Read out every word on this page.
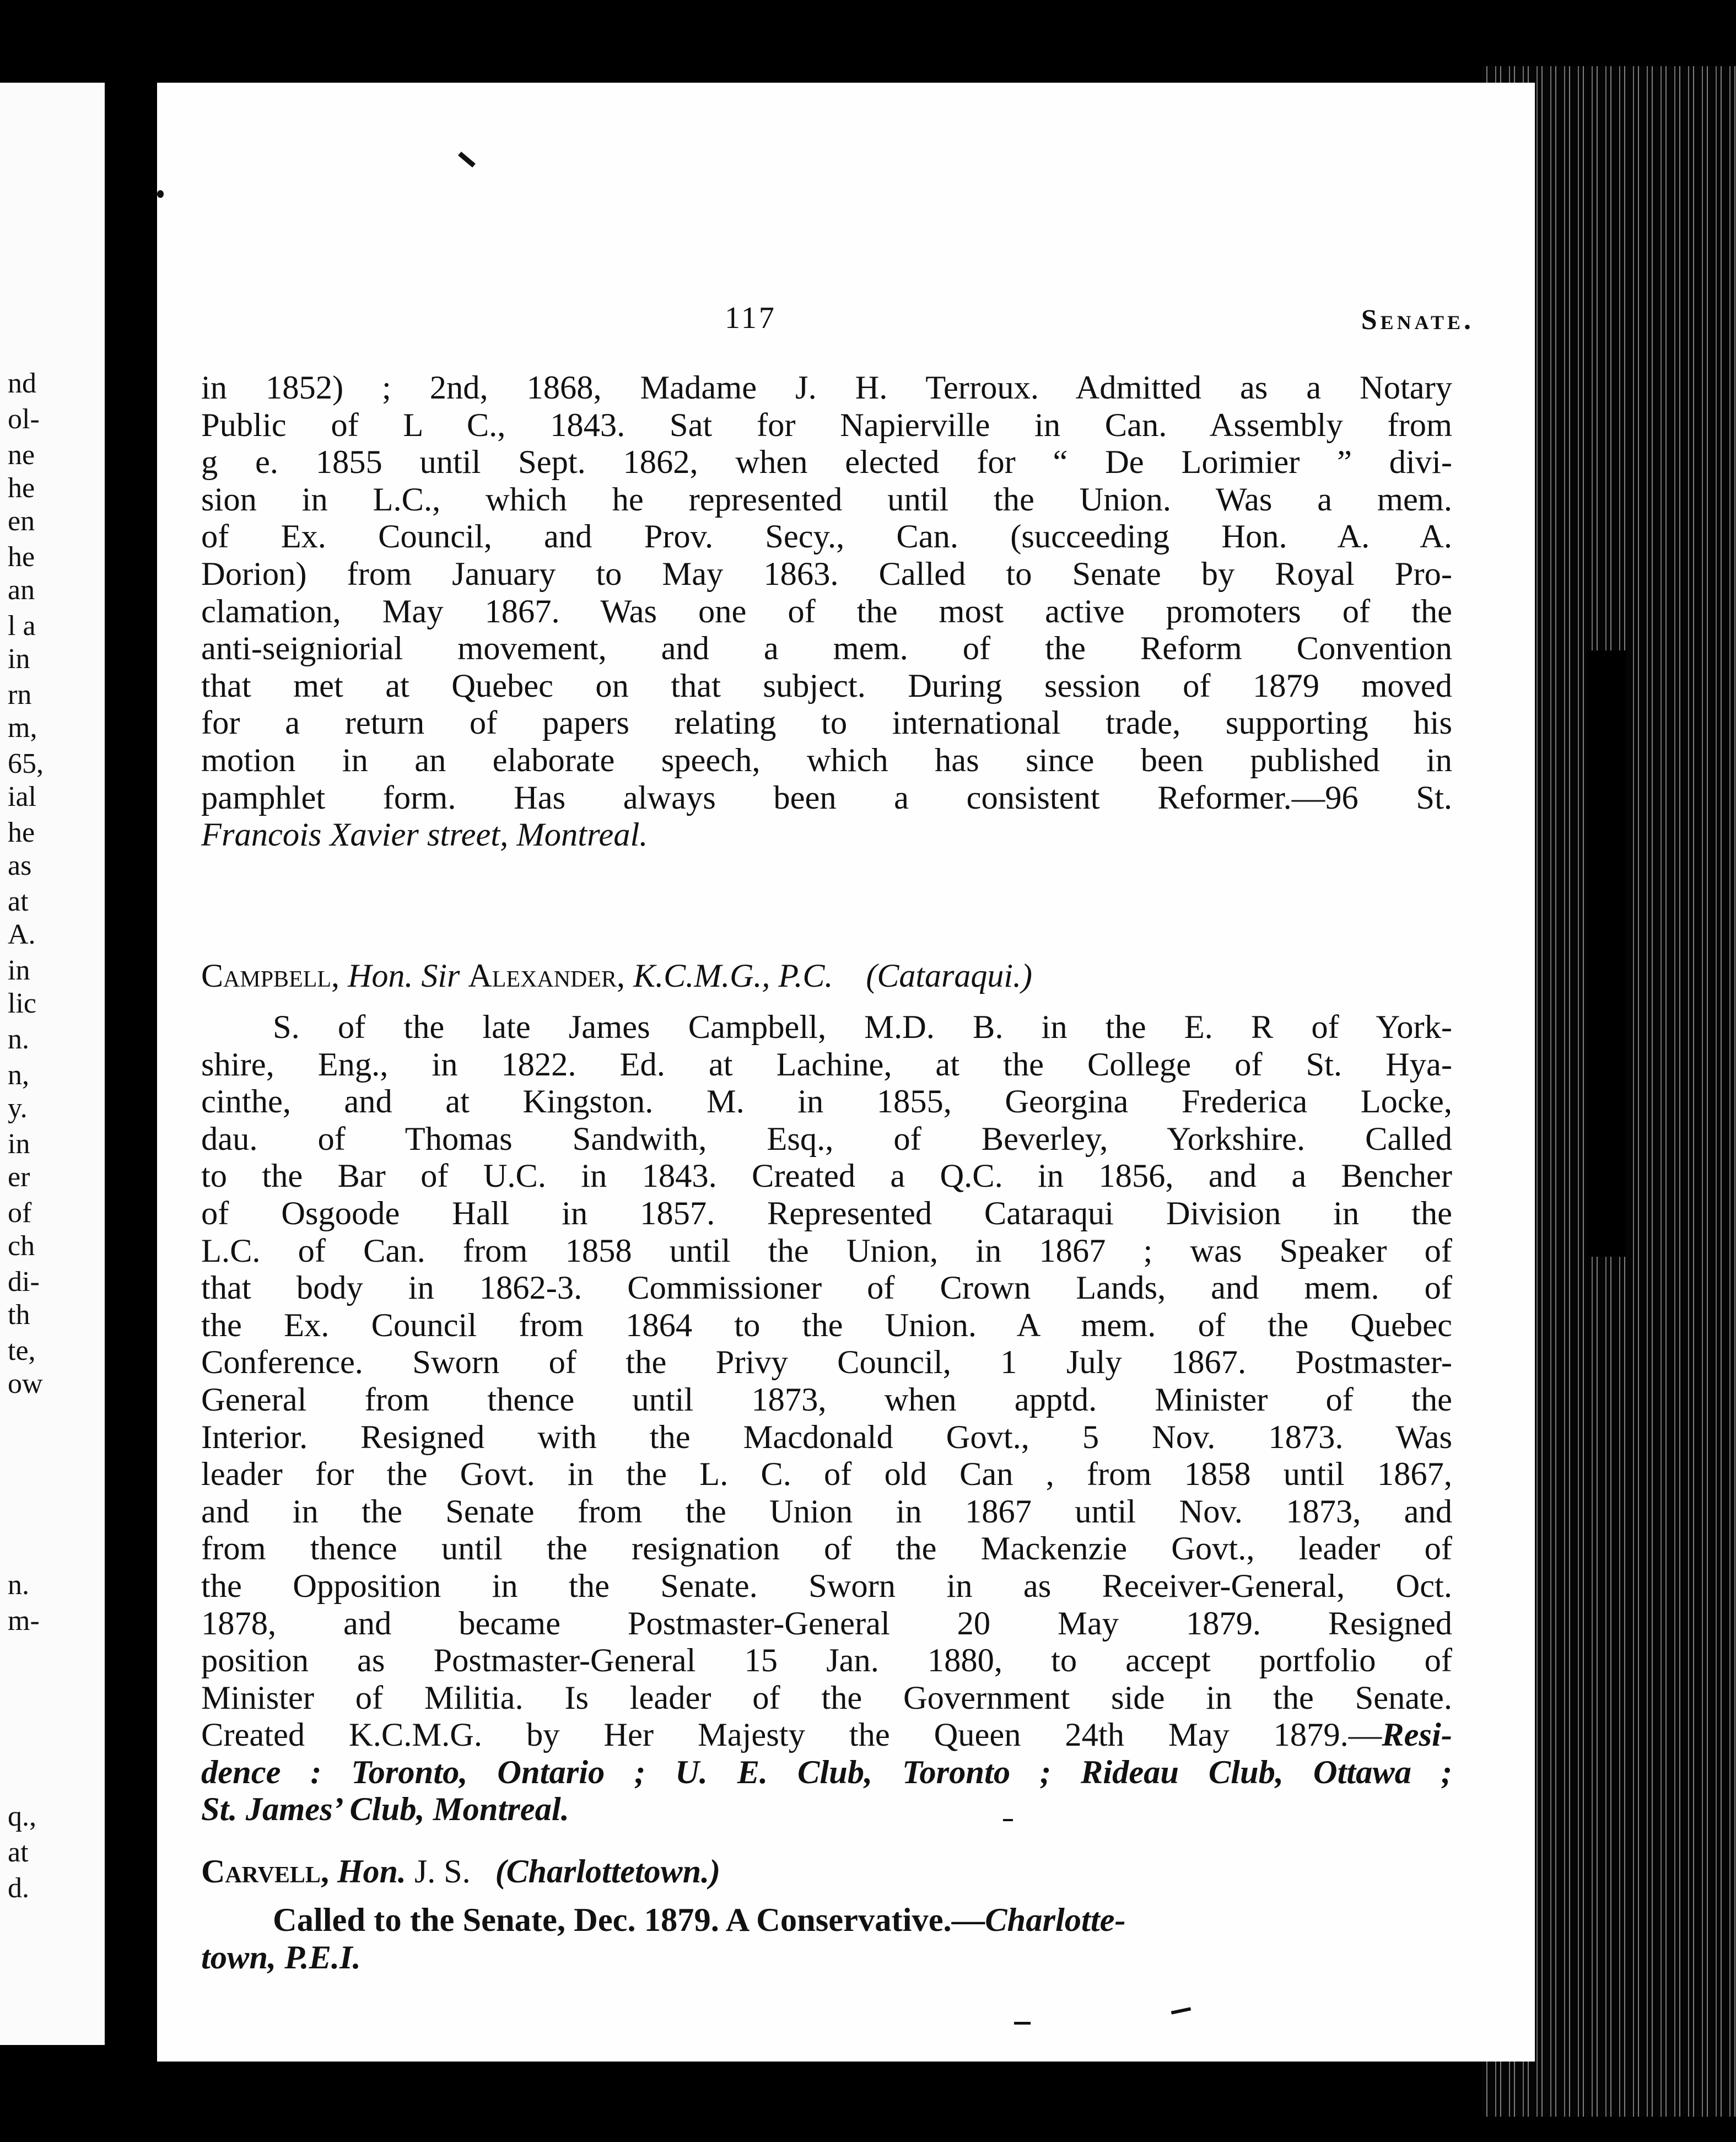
nd
ol-
ne
he
en
he
an
l a
in
rn
m,
65,
ial
he
as
at
A.
in
lic
n.
n,
y.
in
er
of
ch
di-
th
te,
ow
n.
m-
q.,
at
d.
117	Senate.

in 1852) ; 2nd, 1868, Madame J. H. Terroux. Admitted as a Notary

Public of L C., 1843. Sat for Napierville in Can. Assembly from

g e. 1855 until Sept. 1862, when elected for “ De Lorimier ” divi-

sion in L.C., which he represented until the Union. Was a mem.

of Ex. Council, and Prov. Secy., Can. (succeeding Hon. A. A.

Dorion) from January to May 1863. Called to Senate by Royal Pro-

clamation, May 1867. Was one of the most active promoters of the

anti-seigniorial movement, and a mem. of the Reform Convention

that met at Quebec on that subject. During session of 1879 moved

for a return of papers relating to international trade, supporting his

motion in an elaborate speech, which has since been published in

pamphlet form. Has always been a consistent Reformer.—96 St.

Francois Xavier street, Montreal.

Campbell, Hon. Sir Alexander, K.C.M.G., P.C. (Cataraqui.)

S. of the late James Campbell, M.D. B. in the E. R of York-

shire, Eng., in 1822. Ed. at Lachine, at the College of St. Hya-

cinthe, and at Kingston. M. in 1855, Georgina Frederica Locke,

dau. of Thomas Sandwith, Esq., of Beverley, Yorkshire. Called

to the Bar of U.C. in 1843. Created a Q.C. in 1856, and a Bencher

of Osgoode Hall in 1857. Represented Cataraqui Division in the

L.C. of Can. from 1858 until the Union, in 1867 ; was Speaker of

that body in 1862-3. Commissioner of Crown Lands, and mem. of

the Ex. Council from 1864 to the Union. A mem. of the Quebec

Conference. Sworn of the Privy Council, 1 July 1867. Postmaster-

General from thence until 1873, when apptd. Minister of the

Interior. Resigned with the Macdonald Govt., 5 Nov. 1873. Was

leader for the Govt. in the L. C. of old Can , from 1858 until 1867,

and in the Senate from the Union in 1867 until Nov. 1873, and

from thence until the resignation of the Mackenzie Govt., leader of

the Opposition in the Senate. Sworn in as Receiver-General, Oct.

1878, and became Postmaster-General 20 May 1879. Resigned

position as Postmaster-General 15 Jan. 1880, to accept portfolio of

Minister of Militia. Is leader of the Government side in the Senate.

Created K.C.M.G. by Her Majesty the Queen 24th May 1879.—Resi-

dence : Toronto, Ontario ; U. E. Club, Toronto ; Rideau Club, Ottawa ;

St. James’ Club, Montreal.

Carvell, Hon. J. S. (Charlottetown.)

Called to the Senate, Dec. 1879. A Conservative.—Charlotte-

town, P.E.I.
